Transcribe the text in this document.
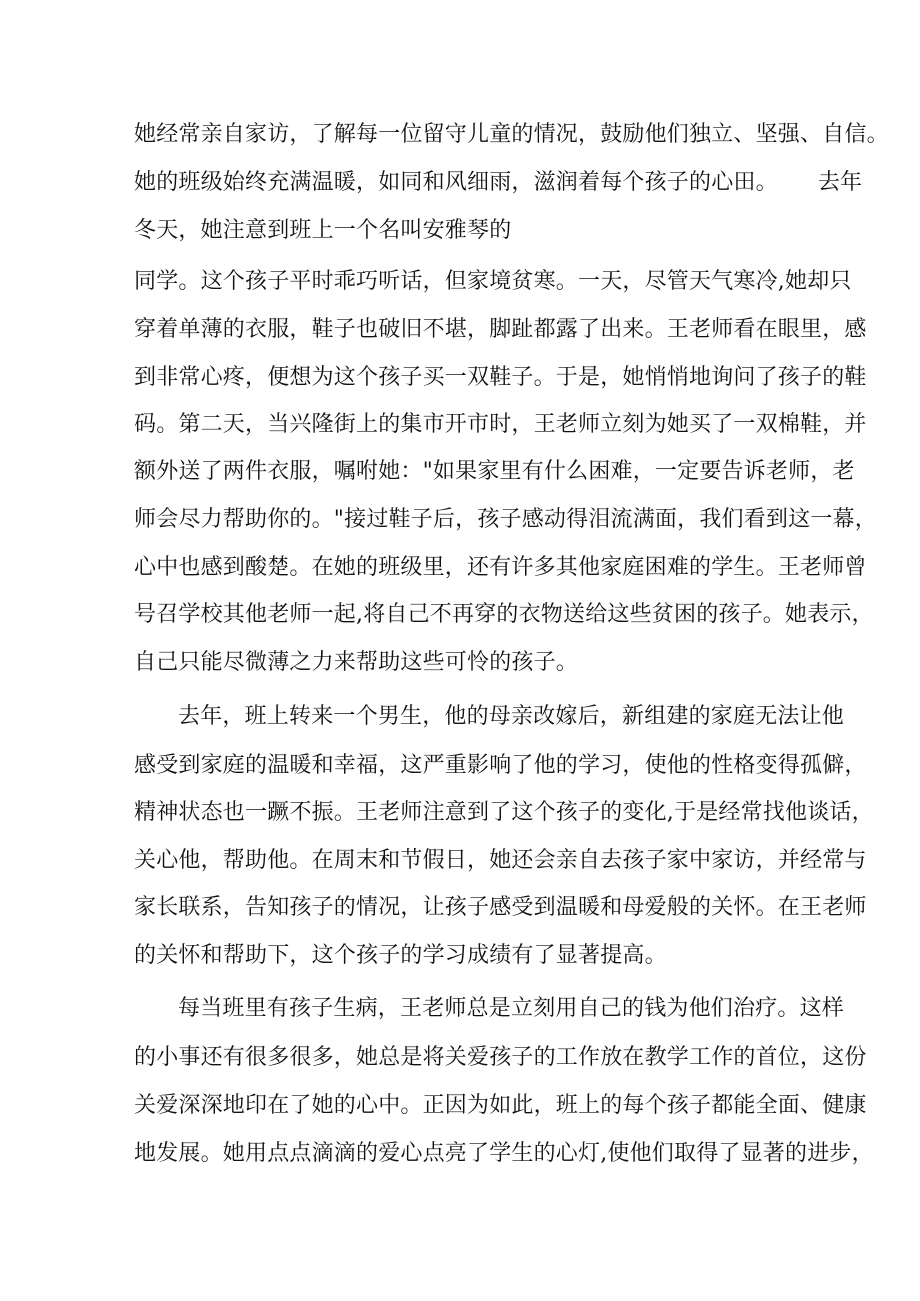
她经常亲自家访，了解每一位留守儿童的情况，鼓励他们独立、坚强、自信。
她的班级始终充满温暖，如同和风细雨，滋润着每个孩子的心田。 去年
冬天，她注意到班上一个名叫安雅琴的
同学。这个孩子平时乖巧听话，但家境贫寒。一天，尽管天气寒冷,她却只
穿着单薄的衣服，鞋子也破旧不堪，脚趾都露了出来。王老师看在眼里，感
到非常心疼，便想为这个孩子买一双鞋子。于是，她悄悄地询问了孩子的鞋
码。第二天，当兴隆街上的集市开市时，王老师立刻为她买了一双棉鞋，并
额外送了两件衣服，嘱咐她："如果家里有什么困难，一定要告诉老师，老
师会尽力帮助你的。"接过鞋子后，孩子感动得泪流满面，我们看到这一幕，
心中也感到酸楚。在她的班级里，还有许多其他家庭困难的学生。王老师曾
号召学校其他老师一起,将自己不再穿的衣物送给这些贫困的孩子。她表示，
自己只能尽微薄之力来帮助这些可怜的孩子。
去年，班上转来一个男生，他的母亲改嫁后，新组建的家庭无法让他
感受到家庭的温暖和幸福，这严重影响了他的学习，使他的性格变得孤僻，
精神状态也一蹶不振。王老师注意到了这个孩子的变化,于是经常找他谈话，
关心他，帮助他。在周末和节假日，她还会亲自去孩子家中家访，并经常与
家长联系，告知孩子的情况，让孩子感受到温暖和母爱般的关怀。在王老师
的关怀和帮助下，这个孩子的学习成绩有了显著提高。
每当班里有孩子生病，王老师总是立刻用自己的钱为他们治疗。这样
的小事还有很多很多，她总是将关爱孩子的工作放在教学工作的首位，这份
关爱深深地印在了她的心中。正因为如此，班上的每个孩子都能全面、健康
地发展。她用点点滴滴的爱心点亮了学生的心灯,使他们取得了显著的进步，
